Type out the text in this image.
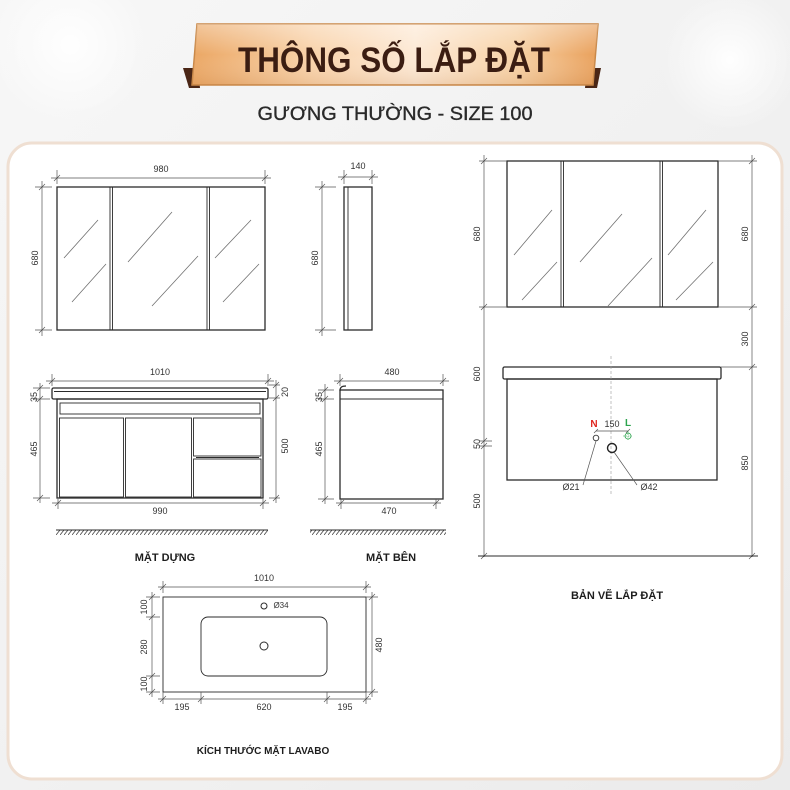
THÔNG SỐ LẮP ĐẶT
GƯƠNG THƯỜNG - SIZE 100
980
680
140
680
1010
35
465
20
500
990
MẶT DỰNG
480
35
465
470
MẶT BÊN
680
600
50
500
680
300
850
N 150 L
Ø21	Ø42
BẢN VẼ LẮP ĐẶT
Ø34
1010
100
280
100
480
195	620	195
KÍCH THƯỚC MẶT LAVABO
